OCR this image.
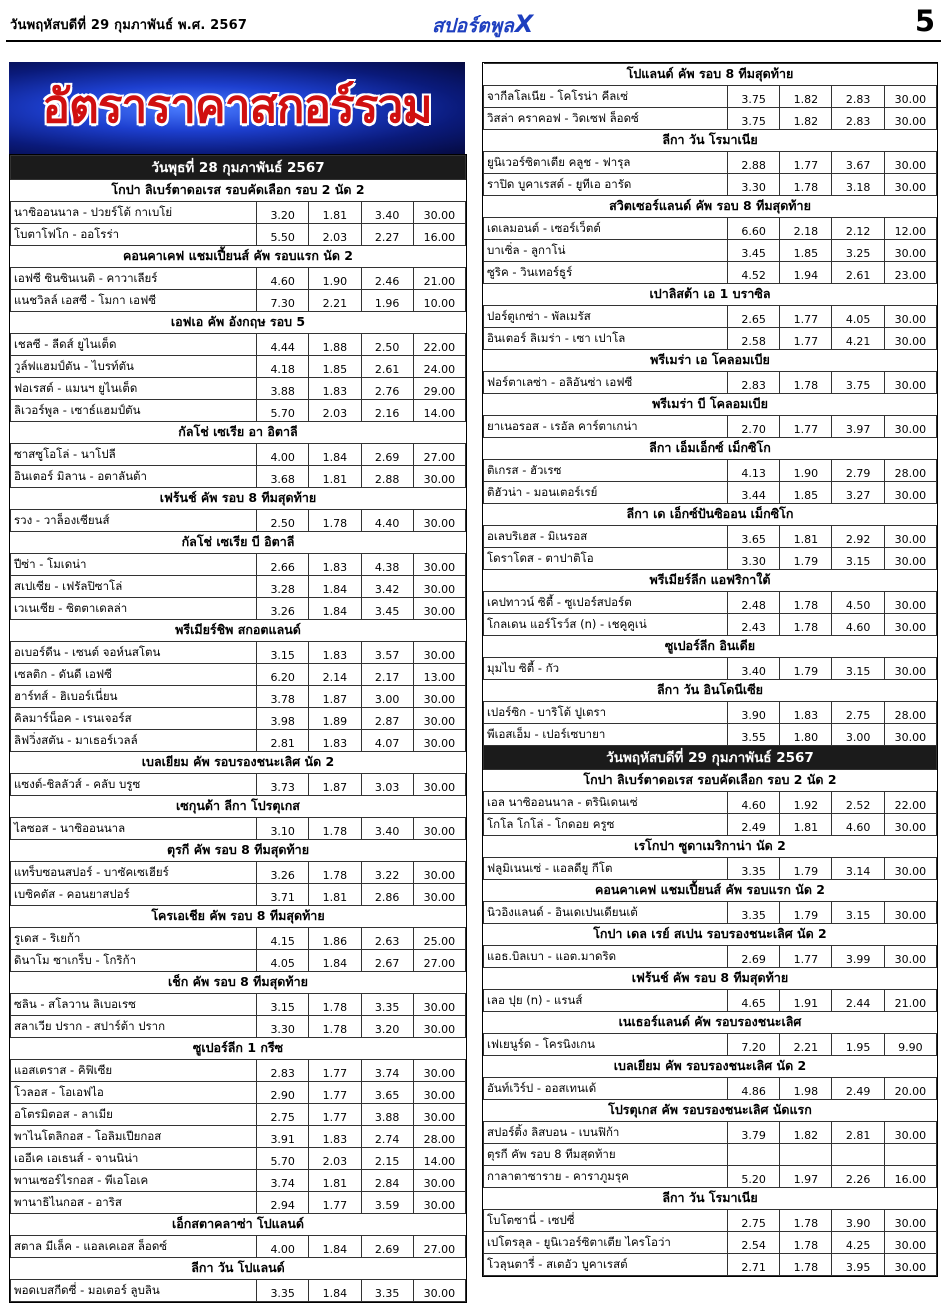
วันพฤหัสบดีที่ 29 กุมภาพันธ์ พ.ศ. 2567	สปอร์ตพูลX	5
อัตราราคาสกอร์รวม
วันพุธที่ 28 กุมภาพันธ์ 2567				
โกปา ลิเบร์ตาดอเรส รอบคัดเลือก รอบ 2 นัด 2				
นาซิออนนาล - ปวยร์โต้ กาเบโย่	3.20	1.81	3.40	30.00
โบตาโฟโก - ออโรร่า	5.50	2.03	2.27	16.00
คอนคาเคฟ แชมเปี้ยนส์ คัพ รอบแรก นัด 2				
เอฟซี ซินซินเนติ - คาวาเลียร์	4.60	1.90	2.46	21.00
แนชวิลล์ เอสซี - โมกา เอฟซี	7.30	2.21	1.96	10.00
เอฟเอ คัพ อังกฤษ รอบ 5				
เชลซี - ลีดส์ ยูไนเต็ด	4.44	1.88	2.50	22.00
วูล์ฟแฮมป์ตัน - ไบรท์ตัน	4.18	1.85	2.61	24.00
ฟอเรสต์ - แมนฯ ยูไนเต็ด	3.88	1.83	2.76	29.00
ลิเวอร์พูล - เซาธ์แฮมป์ตัน	5.70	2.03	2.16	14.00
กัลโช่ เซเรีย อา อิตาลี				
ซาสซูโอโล่ - นาโปลี	4.00	1.84	2.69	27.00
อินเตอร์ มิลาน - อตาลันต้า	3.68	1.81	2.88	30.00
เฟร้นช์ คัพ รอบ 8 ทีมสุดท้าย				
รวง - วาล็องเซียนส์	2.50	1.78	4.40	30.00
กัลโช่ เซเรีย บี อิตาลี				
ปีซ่า - โมเดน่า	2.66	1.83	4.38	30.00
สเปเซีย - เฟรัลปิซาโล่	3.28	1.84	3.42	30.00
เวเนเซีย - ซิตตาเดลล่า	3.26	1.84	3.45	30.00
พรีเมียร์ชิพ สกอตแลนด์				
อเบอร์ดีน - เซนต์ จอห์นสโตน	3.15	1.83	3.57	30.00
เซลติก - ดันดี เอฟซี	6.20	2.14	2.17	13.00
ฮาร์ทส์ - ฮิเบอร์เนี่ยน	3.78	1.87	3.00	30.00
คิลมาร์น็อค - เรนเจอร์ส	3.98	1.89	2.87	30.00
ลิฟวิ่งสตัน - มาเธอร์เวลล์	2.81	1.83	4.07	30.00
เบลเยียม คัพ รอบรองชนะเลิศ นัด 2				
แซงต์-ชิลลัวส์ - คลับ บรูซ	3.73	1.87	3.03	30.00
เซกุนด้า ลีกา โปรตุเกส				
ไลซอส - นาซิออนนาล	3.10	1.78	3.40	30.00
ตุรกี คัพ รอบ 8 ทีมสุดท้าย				
แทร็บซอนสปอร์ - บาซัคเซเฮียร์	3.26	1.78	3.22	30.00
เบซิคตัส - คอนยาสปอร์	3.71	1.81	2.86	30.00
โครเอเชีย คัพ รอบ 8 ทีมสุดท้าย				
รูเดส - ริเยก้า	4.15	1.86	2.63	25.00
ดินาโม ซาเกร็บ - โกริก้า	4.05	1.84	2.67	27.00
เช็ก คัพ รอบ 8 ทีมสุดท้าย				
ซลิน - สโลวาน ลิเบอเรซ	3.15	1.78	3.35	30.00
สลาเวีย ปราก - สปาร์ต้า ปราก	3.30	1.78	3.20	30.00
ซูเปอร์ลีก 1 กรีซ				
แอสเตราส - คิฟิเซีย	2.83	1.77	3.74	30.00
โวลอส - โอเอฟไอ	2.90	1.77	3.65	30.00
อโตรมิตอส - ลาเมีย	2.75	1.77	3.88	30.00
พาไนโตลิกอส - โอลิมเปียกอส	3.91	1.83	2.74	28.00
เออีเค เอเธนส์ - จานนิน่า	5.70	2.03	2.15	14.00
พานเซอร์ไรกอส - พีเอโอเค	3.74	1.81	2.84	30.00
พานาธิไนกอส - อาริส	2.94	1.77	3.59	30.00
เอ็กสตาคลาซ่า โปแลนด์				
สตาล มีเล็ค - แอลเคเอส ล็อดซ์	4.00	1.84	2.69	27.00
ลีกา วัน โปแลนด์				
พอดเบสกีดซี่ - มอเตอร์ ลูบลิน	3.35	1.84	3.35	30.00
โปแลนด์ คัพ รอบ 8 ทีมสุดท้าย				
จากีลโลเนีย - โคโรน่า คีลเซ่	3.75	1.82	2.83	30.00
วิสล่า คราคอฟ - วิดเซฟ ล็อดซ์	3.75	1.82	2.83	30.00
ลีกา วัน โรมาเนีย				
ยูนิเวอร์ซิตาเตีย คลูช - ฟารุล	2.88	1.77	3.67	30.00
ราปิด บูคาเรสต์ - ยูทีเอ อารัด	3.30	1.78	3.18	30.00
สวิตเซอร์แลนด์ คัพ รอบ 8 ทีมสุดท้าย				
เดเลมอนต์ - เซอร์เว็ตต์	6.60	2.18	2.12	12.00
บาเซิ่ล - ลูกาโน่	3.45	1.85	3.25	30.00
ซูริค - วินเทอร์ธูร์	4.52	1.94	2.61	23.00
เปาลิสต้า เอ 1 บราซิล				
ปอร์ตูเกซ่า - พัลเมรัส	2.65	1.77	4.05	30.00
อินเตอร์ ลิเมร่า - เซา เปาโล	2.58	1.77	4.21	30.00
พรีเมร่า เอ โคลอมเบีย				
ฟอร์ตาเลซ่า - อลิอันซ่า เอฟซี	2.83	1.78	3.75	30.00
พรีเมร่า บี โคลอมเบีย				
ยาเนอรอส - เรอัล คาร์ตาเกน่า	2.70	1.77	3.97	30.00
ลีกา เอ็มเอ็กซ์ เม็กซิโก				
ติเกรส - ฮัวเรซ	4.13	1.90	2.79	28.00
ติฮัวน่า - มอนเตอร์เรย์	3.44	1.85	3.27	30.00
ลีกา เด เอ็กซ์ปันซิออน เม็กซิโก				
อเลบริเฮส - มิเนรอส	3.65	1.81	2.92	30.00
โดราโดส - ตาปาติโอ	3.30	1.79	3.15	30.00
พรีเมียร์ลีก แอฟริกาใต้				
เคปทาวน์ ซิตี้ - ซูเปอร์สปอร์ต	2.48	1.78	4.50	30.00
โกลเดน แอร์โรว์ส (n) - เชคูคูเน่	2.43	1.78	4.60	30.00
ซูเปอร์ลีก อินเดีย				
มุมไบ ซิตี้ - กัว	3.40	1.79	3.15	30.00
ลีกา วัน อินโดนีเซีย				
เปอร์ซิก - บาริโต้ ปูเตรา	3.90	1.83	2.75	28.00
พีเอสเอ็ม - เปอร์เซบายา	3.55	1.80	3.00	30.00
วันพฤหัสบดีที่ 29 กุมภาพันธ์ 2567				
โกปา ลิเบร์ตาดอเรส รอบคัดเลือก รอบ 2 นัด 2				
เอล นาซิออนนาล - ตรินิเดนเซ่	4.60	1.92	2.52	22.00
โกโล โกโล่ - โกดอย ครูซ	2.49	1.81	4.60	30.00
เรโกปา ซูดาเมริกาน่า นัด 2				
ฟลูมิเนนเซ่ - แอลดียู กีโต	3.35	1.79	3.14	30.00
คอนคาเคฟ แชมเปี้ยนส์ คัพ รอบแรก นัด 2				
นิวอิงแลนด์ - อินเดเปนเดียนเต้	3.35	1.79	3.15	30.00
โกปา เดล เรย์ สเปน รอบรองชนะเลิศ นัด 2				
แอธ.บิลเบา - แอต.มาดริด	2.69	1.77	3.99	30.00
เฟร้นช์ คัพ รอบ 8 ทีมสุดท้าย				
เลอ ปุย (n) - แรนส์	4.65	1.91	2.44	21.00
เนเธอร์แลนด์ คัพ รอบรองชนะเลิศ				
เฟเยนูร์ด - โครนิงเกน	7.20	2.21	1.95	9.90
เบลเยียม คัพ รอบรองชนะเลิศ นัด 2				
อันท์เวิร์ป - ออสเทนเด้	4.86	1.98	2.49	20.00
โปรตุเกส คัพ รอบรองชนะเลิศ นัดแรก				
สปอร์ติ้ง ลิสบอน - เบนฟิก้า	3.79	1.82	2.81	30.00
ตุรกี คัพ รอบ 8 ทีมสุดท้าย				
กาลาตาซาราย - คาราภูมรุค	5.20	1.97	2.26	16.00
ลีกา วัน โรมาเนีย				
โบโตซานี่ - เซปซี่	2.75	1.78	3.90	30.00
เปโตรลุล - ยูนิเวอร์ซิตาเตีย ไครโอว่า	2.54	1.78	4.25	30.00
โวลุนตารี่ - สเตอัว บูคาเรสต์	2.71	1.78	3.95	30.00
